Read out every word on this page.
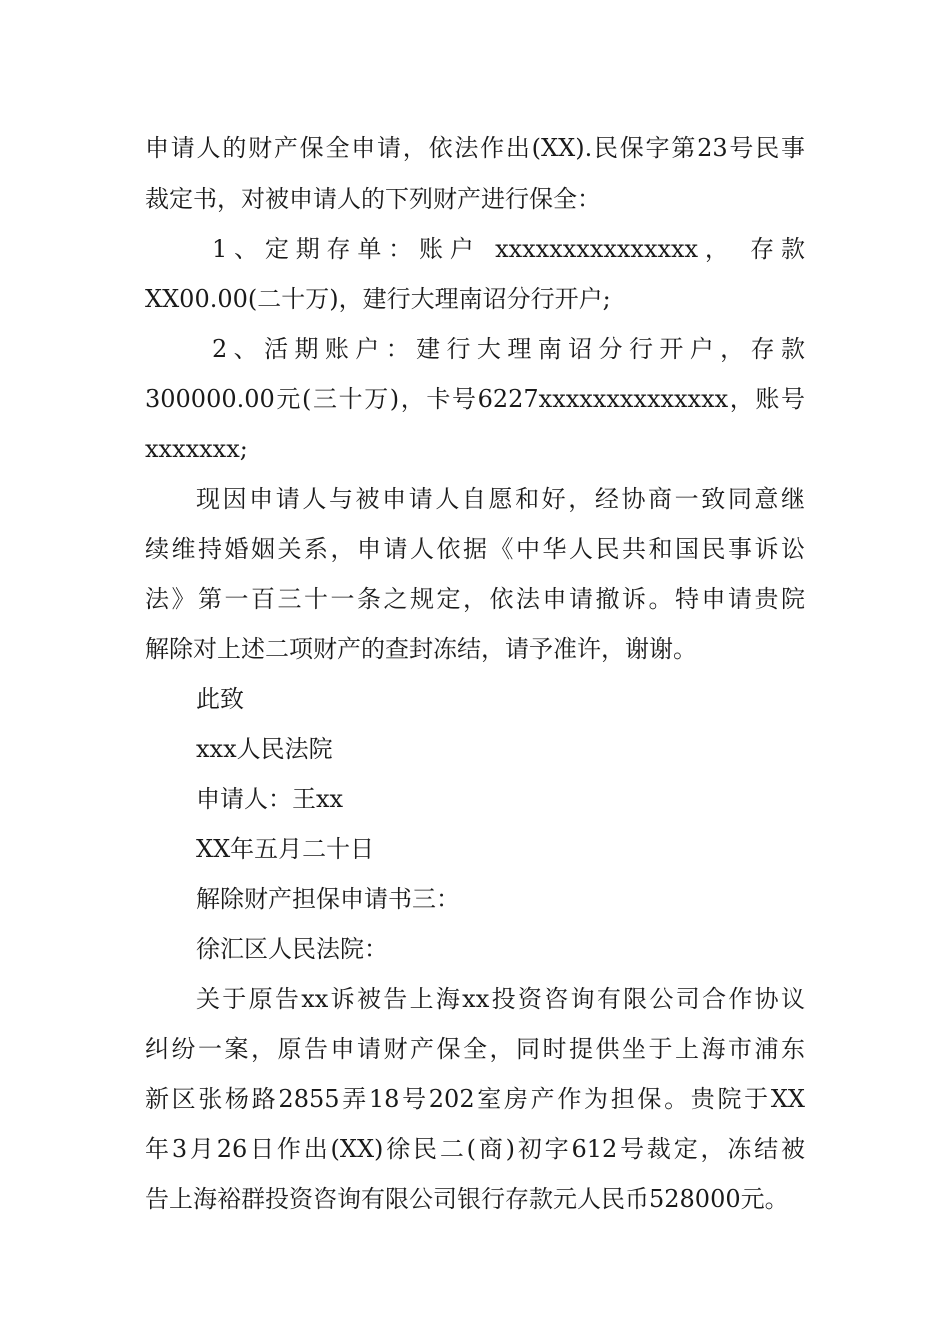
申请人的财产保全申请，依法作出(XX).民保字第23号民事
裁定书，对被申请人的下列财产进行保全：
1、定期存单：账户 xxxxxxxxxxxxxxx， 存款
XX00.00(二十万)，建行大理南诏分行开户;
2、活期账户：建行大理南诏分行开户，存款
300000.00元(三十万)，卡号6227xxxxxxxxxxxxxx，账号
xxxxxxx;
现因申请人与被申请人自愿和好，经协商一致同意继
续维持婚姻关系，申请人依据《中华人民共和国民事诉讼
法》第一百三十一条之规定，依法申请撤诉。特申请贵院
解除对上述二项财产的查封冻结，请予准许，谢谢。
此致
xxx人民法院
申请人：王xx
XX年五月二十日
解除财产担保申请书三：
徐汇区人民法院：
关于原告xx诉被告上海xx投资咨询有限公司合作协议
纠纷一案，原告申请财产保全，同时提供坐于上海市浦东
新区张杨路2855弄18号202室房产作为担保。贵院于XX
年3月26日作出(XX)徐民二(商)初字612号裁定，冻结被
告上海裕群投资咨询有限公司银行存款元人民币528000元。
